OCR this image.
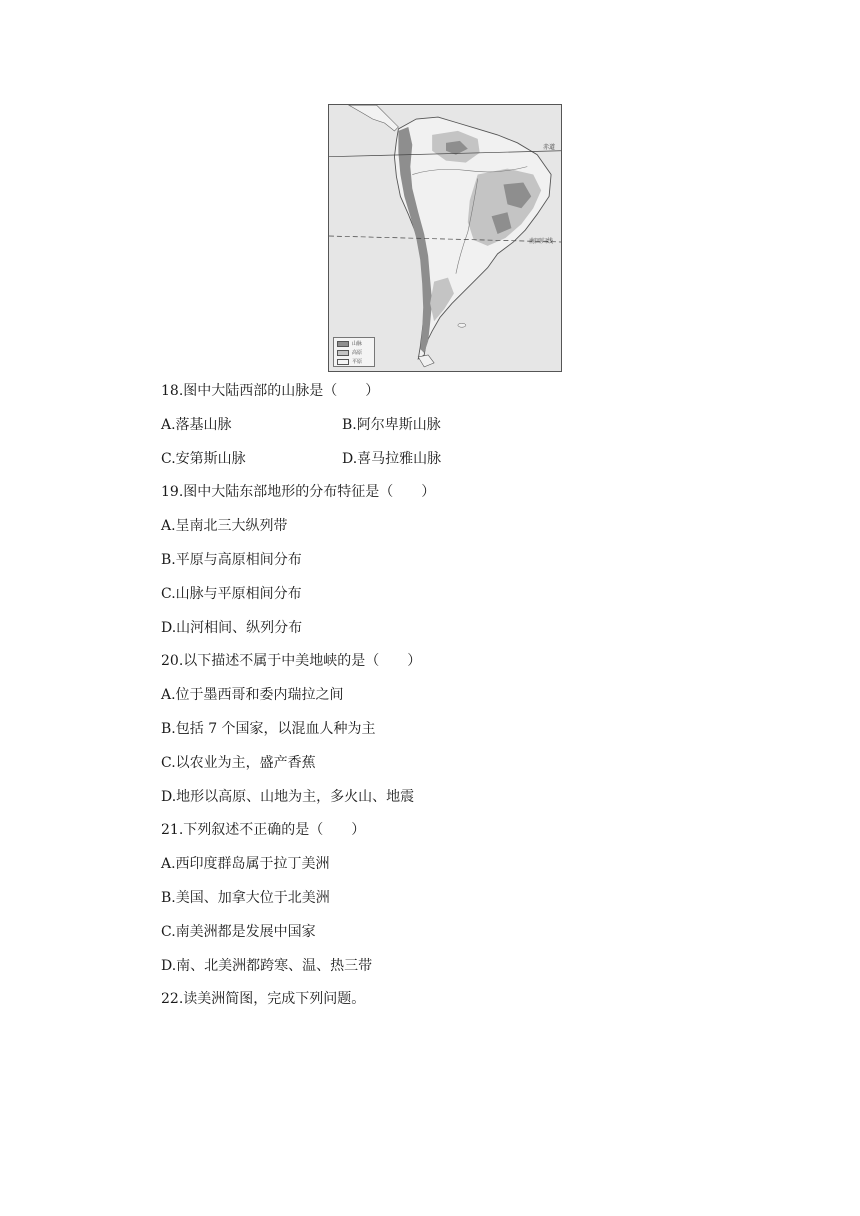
赤道
南回归线
山脉
高原
平原
18.图中大陆西部的山脉是（　　）
A.落基山脉	B.阿尔卑斯山脉
C.安第斯山脉	D.喜马拉雅山脉
19.图中大陆东部地形的分布特征是（　　）
A.呈南北三大纵列带
B.平原与高原相间分布
C.山脉与平原相间分布
D.山河相间、纵列分布
20.以下描述不属于中美地峡的是（　　）
A.位于墨西哥和委内瑞拉之间
B.包括 7 个国家，以混血人种为主
C.以农业为主，盛产香蕉
D.地形以高原、山地为主，多火山、地震
21.下列叙述不正确的是（　　）
A.西印度群岛属于拉丁美洲
B.美国、加拿大位于北美洲
C.南美洲都是发展中国家
D.南、北美洲都跨寒、温、热三带
22.读美洲简图，完成下列问题。
